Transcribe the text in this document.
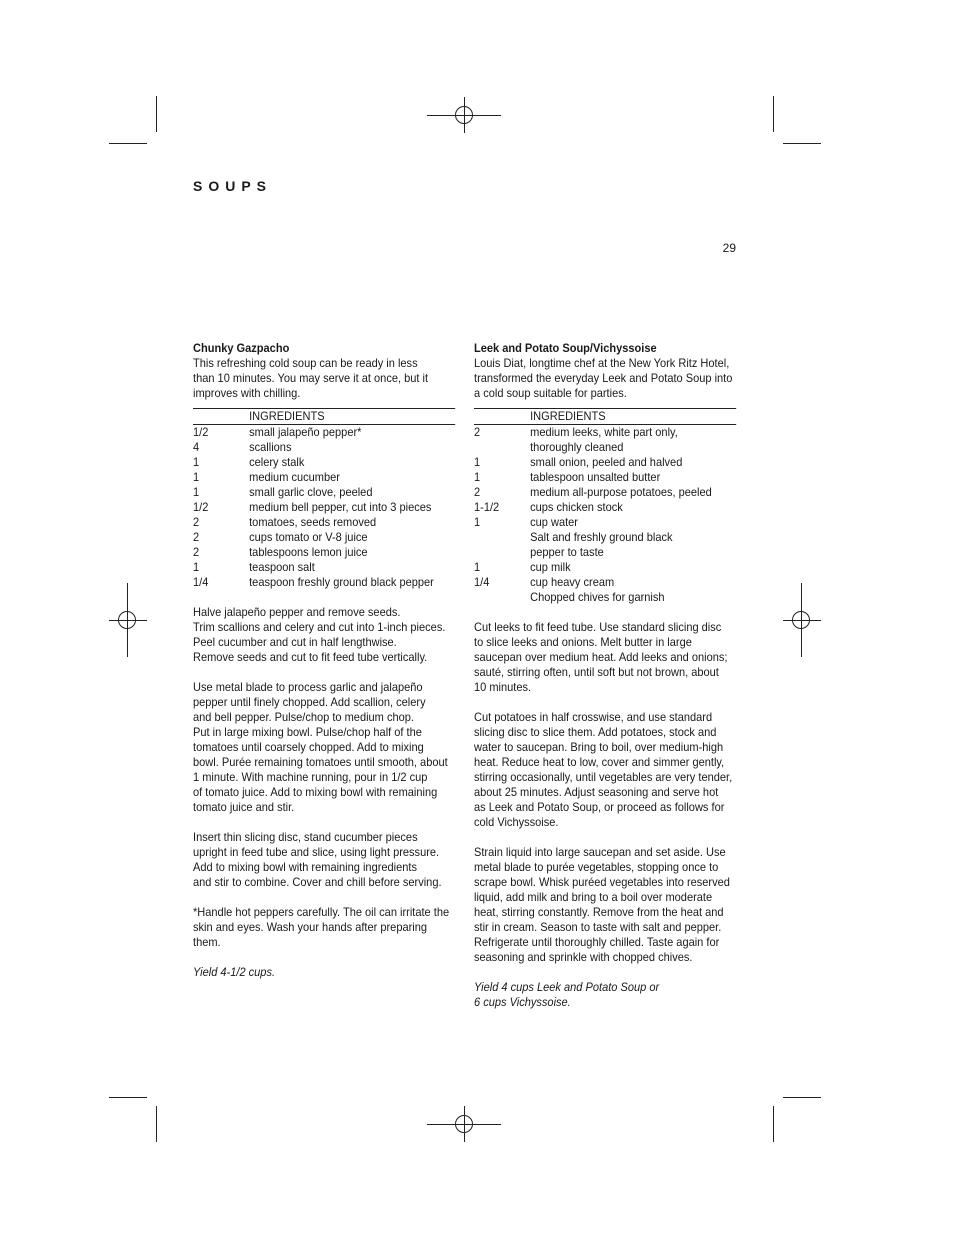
SOUPS
29

Chunky Gazpacho

This refreshing cold soup can be ready in less

than 10 minutes. You may serve it at once, but it

improves with chilling.

INGREDIENTS
1/2	small jalapeño pepper*
4	scallions
1	celery stalk
1	medium cucumber
1	small garlic clove, peeled
1/2	medium bell pepper, cut into 3 pieces
2	tomatoes, seeds removed
2	cups tomato or V-8 juice
2	tablespoons lemon juice
1	teaspoon salt
1/4	teaspoon freshly ground black pepper

Halve jalapeño pepper and remove seeds.

Trim scallions and celery and cut into 1-inch pieces.

Peel cucumber and cut in half lengthwise.

Remove seeds and cut to fit feed tube vertically.

Use metal blade to process garlic and jalapeño

pepper until finely chopped. Add scallion, celery

and bell pepper. Pulse/chop to medium chop.

Put in large mixing bowl. Pulse/chop half of the

tomatoes until coarsely chopped. Add to mixing

bowl. Purée remaining tomatoes until smooth, about

1 minute. With machine running, pour in 1/2 cup

of tomato juice. Add to mixing bowl with remaining

tomato juice and stir.

Insert thin slicing disc, stand cucumber pieces

upright in feed tube and slice, using light pressure.

Add to mixing bowl with remaining ingredients

and stir to combine. Cover and chill before serving.

*Handle hot peppers carefully. The oil can irritate the

skin and eyes. Wash your hands after preparing them.

Yield 4-1/2 cups.

Leek and Potato Soup/Vichyssoise

Louis Diat, longtime chef at the New York Ritz Hotel,

transformed the everyday Leek and Potato Soup into

a cold soup suitable for parties.

INGREDIENTS
2	medium leeks, white part only,
thoroughly cleaned
1	small onion, peeled and halved
1	tablespoon unsalted butter
2	medium all-purpose potatoes, peeled
1-1/2	cups chicken stock
1	cup water
Salt and freshly ground black
pepper to taste
1	cup milk
1/4	cup heavy cream
Chopped chives for garnish

Cut leeks to fit feed tube. Use standard slicing disc

to slice leeks and onions. Melt butter in large

saucepan over medium heat. Add leeks and onions;

sauté, stirring often, until soft but not brown, about

10 minutes.

Cut potatoes in half crosswise, and use standard

slicing disc to slice them. Add potatoes, stock and

water to saucepan. Bring to boil, over medium-high

heat. Reduce heat to low, cover and simmer gently,

stirring occasionally, until vegetables are very tender,

about 25 minutes. Adjust seasoning and serve hot

as Leek and Potato Soup, or proceed as follows for

cold Vichyssoise.

Strain liquid into large saucepan and set aside. Use

metal blade to purée vegetables, stopping once to

scrape bowl. Whisk puréed vegetables into reserved

liquid, add milk and bring to a boil over moderate

heat, stirring constantly. Remove from the heat and

stir in cream. Season to taste with salt and pepper.

Refrigerate until thoroughly chilled. Taste again for

seasoning and sprinkle with chopped chives.

Yield 4 cups Leek and Potato Soup or

6 cups Vichyssoise.
